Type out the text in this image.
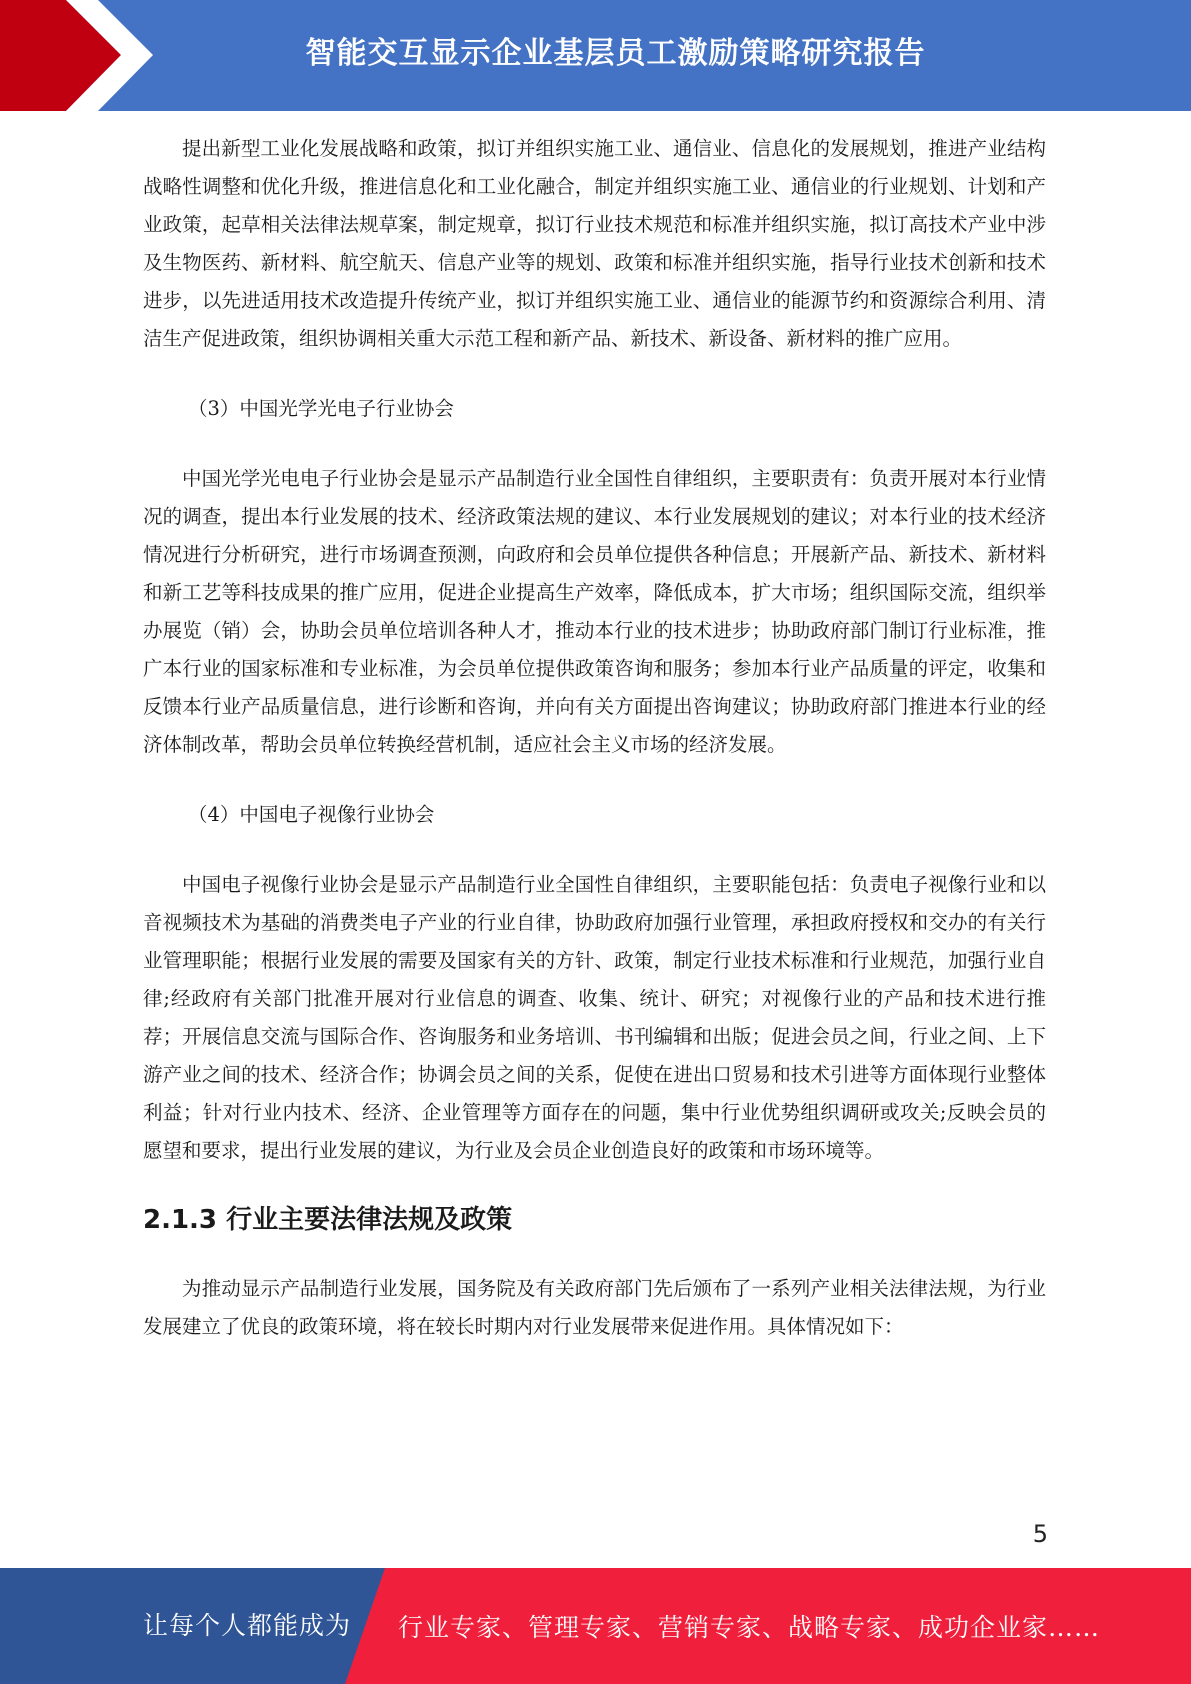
智能交互显示企业基层员工激励策略研究报告

提出新型工业化发展战略和政策，拟订并组织实施工业、通信业、信息化的发展规划，推进产业结构战略性调整和优化升级，推进信息化和工业化融合，制定并组织实施工业、通信业的行业规划、计划和产业政策，起草相关法律法规草案，制定规章，拟订行业技术规范和标准并组织实施，拟订高技术产业中涉及生物医药、新材料、航空航天、信息产业等的规划、政策和标准并组织实施，指导行业技术创新和技术进步，以先进适用技术改造提升传统产业，拟订并组织实施工业、通信业的能源节约和资源综合利用、清洁生产促进政策，组织协调相关重大示范工程和新产品、新技术、新设备、新材料的推广应用。

（3）中国光学光电子行业协会

中国光学光电电子行业协会是显示产品制造行业全国性自律组织，主要职责有：负责开展对本行业情况的调查，提出本行业发展的技术、经济政策法规的建议、本行业发展规划的建议；对本行业的技术经济情况进行分析研究，进行市场调查预测，向政府和会员单位提供各种信息；开展新产品、新技术、新材料和新工艺等科技成果的推广应用，促进企业提高生产效率，降低成本，扩大市场；组织国际交流，组织举办展览（销）会，协助会员单位培训各种人才，推动本行业的技术进步；协助政府部门制订行业标准，推广本行业的国家标准和专业标准，为会员单位提供政策咨询和服务；参加本行业产品质量的评定，收集和反馈本行业产品质量信息，进行诊断和咨询，并向有关方面提出咨询建议；协助政府部门推进本行业的经济体制改革，帮助会员单位转换经营机制，适应社会主义市场的经济发展。

（4）中国电子视像行业协会

中国电子视像行业协会是显示产品制造行业全国性自律组织，主要职能包括：负责电子视像行业和以音视频技术为基础的消费类电子产业的行业自律，协助政府加强行业管理，承担政府授权和交办的有关行业管理职能；根据行业发展的需要及国家有关的方针、政策，制定行业技术标准和行业规范，加强行业自律;经政府有关部门批准开展对行业信息的调查、收集、统计、研究；对视像行业的产品和技术进行推荐；开展信息交流与国际合作、咨询服务和业务培训、书刊编辑和出版；促进会员之间，行业之间、上下游产业之间的技术、经济合作；协调会员之间的关系，促使在进出口贸易和技术引进等方面体现行业整体利益；针对行业内技术、经济、企业管理等方面存在的问题，集中行业优势组织调研或攻关;反映会员的愿望和要求，提出行业发展的建议，为行业及会员企业创造良好的政策和市场环境等。

2.1.3 行业主要法律法规及政策

为推动显示产品制造行业发展，国务院及有关政府部门先后颁布了一系列产业相关法律法规，为行业发展建立了优良的政策环境，将在较长时期内对行业发展带来促进作用。具体情况如下：

5
让每个人都能成为 行业专家、管理专家、营销专家、战略专家、成功企业家……
